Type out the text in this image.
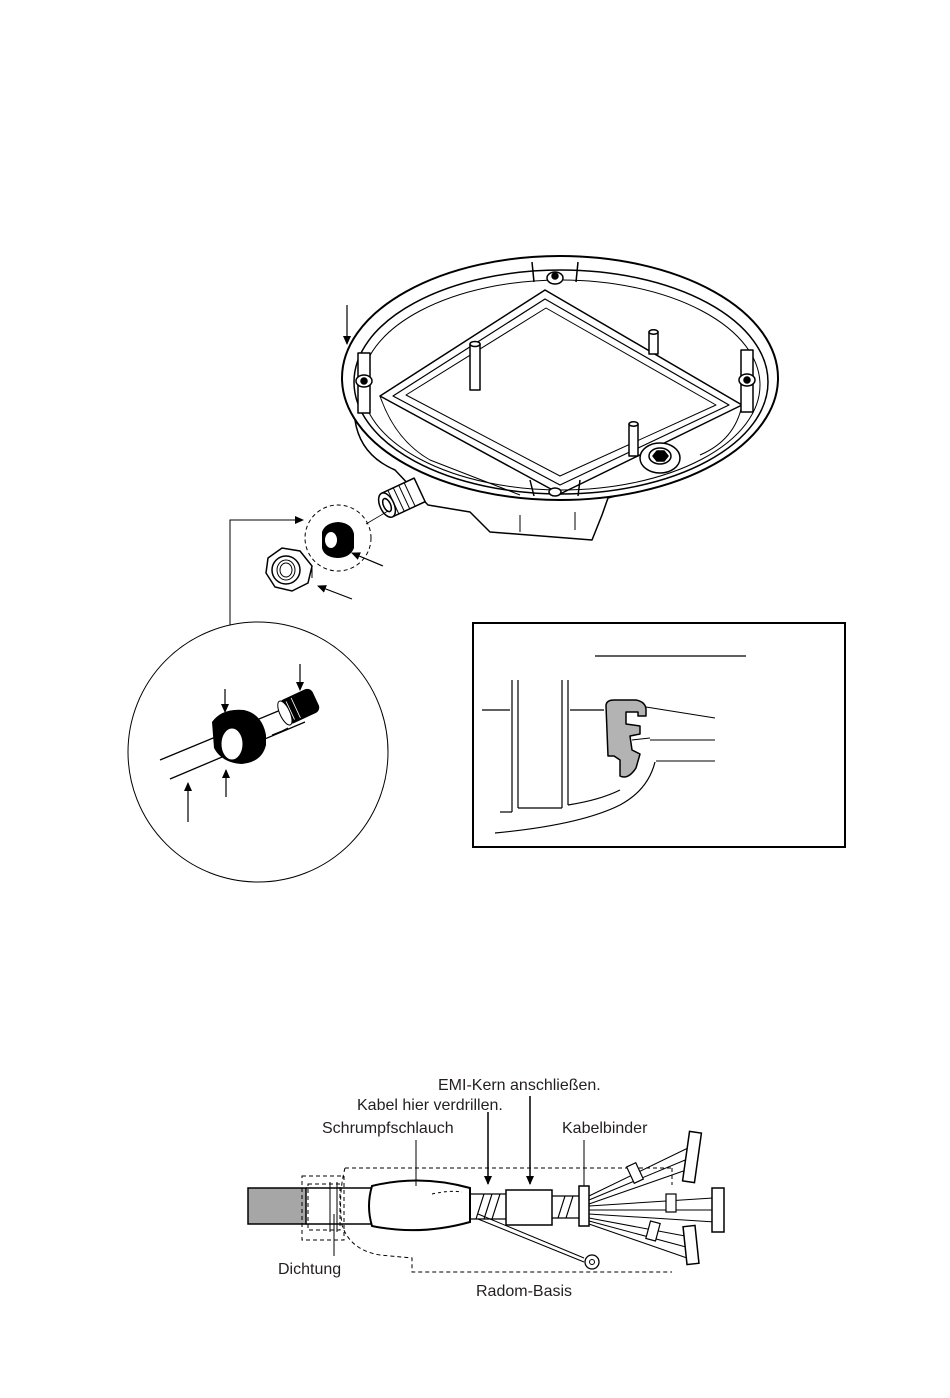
EMI-Kern anschließen.
Kabel hier verdrillen.
Schrumpfschlauch	Kabelbinder
Dichtung
Radom-Basis
